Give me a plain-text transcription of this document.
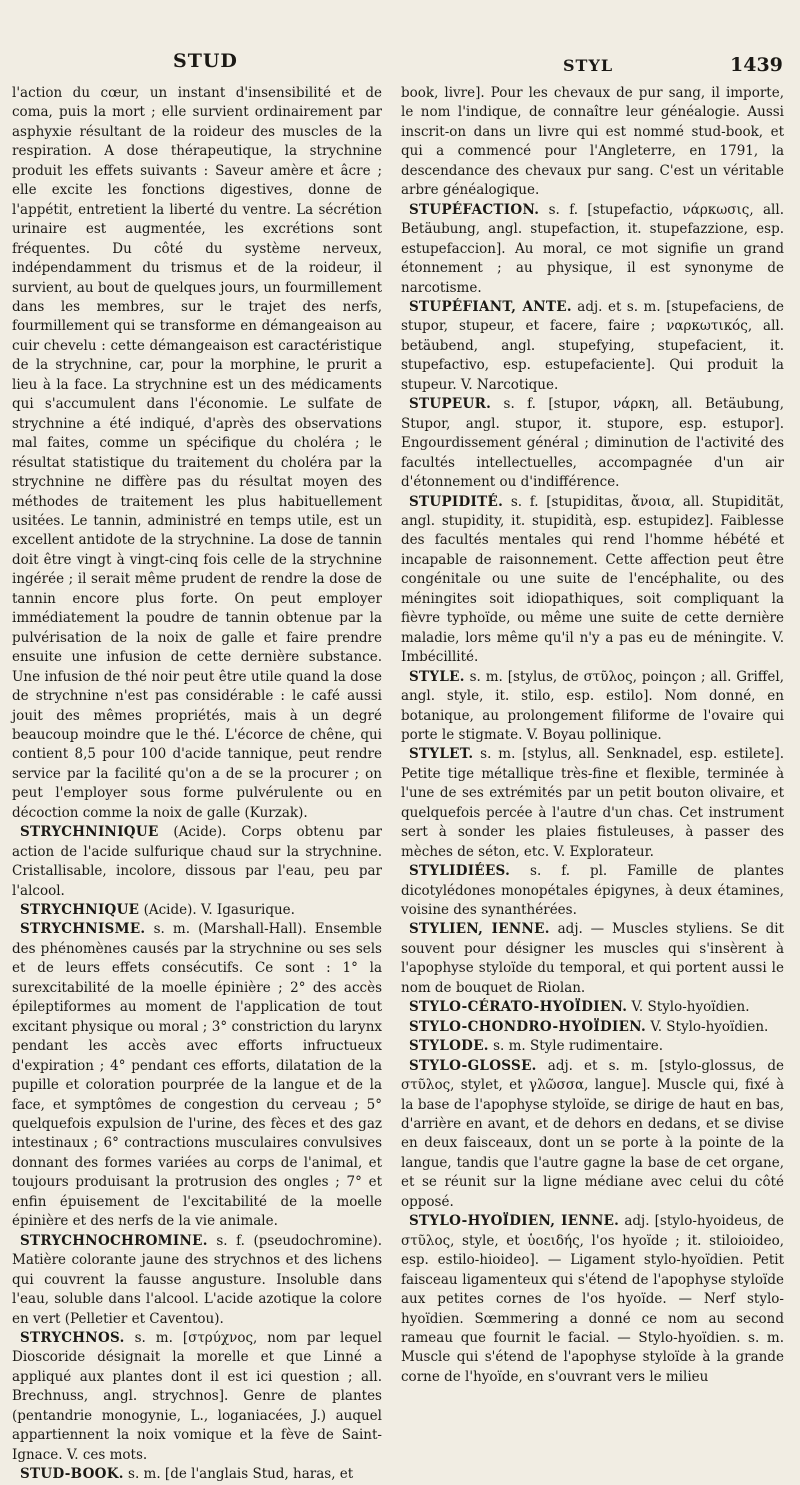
STUD	STYL	1439

l'action du cœur, un instant d'insensibilité et de coma, puis la mort ; elle survient ordinairement par asphyxie résultant de la roideur des muscles de la respiration. A dose thérapeutique, la strychnine produit les effets suivants : Saveur amère et âcre ; elle excite les fonctions digestives, donne de l'appétit, entretient la liberté du ventre. La sécrétion urinaire est augmentée, les excrétions sont fréquentes. Du côté du système nerveux, indépendamment du trismus et de la roideur, il survient, au bout de quelques jours, un fourmillement dans les membres, sur le trajet des nerfs, fourmillement qui se transforme en démangeaison au cuir chevelu : cette démangeaison est caractéristique de la strychnine, car, pour la morphine, le prurit a lieu à la face. La strychnine est un des médicaments qui s'accumulent dans l'économie. Le sulfate de strychnine a été indiqué, d'après des observations mal faites, comme un spécifique du choléra ; le résultat statistique du traitement du choléra par la strychnine ne diffère pas du résultat moyen des méthodes de traitement les plus habituellement usitées. Le tannin, administré en temps utile, est un excellent antidote de la strychnine. La dose de tannin doit être vingt à vingt-cinq fois celle de la strychnine ingérée ; il serait même prudent de rendre la dose de tannin encore plus forte. On peut employer immédiatement la poudre de tannin obtenue par la pulvérisation de la noix de galle et faire prendre ensuite une infusion de cette dernière substance. Une infusion de thé noir peut être utile quand la dose de strychnine n'est pas considérable : le café aussi jouit des mêmes propriétés, mais à un degré beaucoup moindre que le thé. L'écorce de chêne, qui contient 8,5 pour 100 d'acide tannique, peut rendre service par la facilité qu'on a de se la procurer ; on peut l'employer sous forme pulvérulente ou en décoction comme la noix de galle (Kurzak).

STRYCHNINIQUE (Acide). Corps obtenu par action de l'acide sulfurique chaud sur la strychnine. Cristallisable, incolore, dissous par l'eau, peu par l'alcool.

STRYCHNIQUE (Acide). V. Igasurique.

STRYCHNISME. s. m. (Marshall-Hall). Ensemble des phénomènes causés par la strychnine ou ses sels et de leurs effets consécutifs. Ce sont : 1° la surexcitabilité de la moelle épinière ; 2° des accès épileptiformes au moment de l'application de tout excitant physique ou moral ; 3° constriction du larynx pendant les accès avec efforts infructueux d'expiration ; 4° pendant ces efforts, dilatation de la pupille et coloration pourprée de la langue et de la face, et symptômes de congestion du cerveau ; 5° quelquefois expulsion de l'urine, des fèces et des gaz intestinaux ; 6° contractions musculaires convulsives donnant des formes variées au corps de l'animal, et toujours produisant la protrusion des ongles ; 7° et enfin épuisement de l'excitabilité de la moelle épinière et des nerfs de la vie animale.

STRYCHNOCHROMINE. s. f. (pseudochromine). Matière colorante jaune des strychnos et des lichens qui couvrent la fausse angusture. Insoluble dans l'eau, soluble dans l'alcool. L'acide azotique la colore en vert (Pelletier et Caventou).

STRYCHNOS. s. m. [στρύχνος, nom par lequel Dioscoride désignait la morelle et que Linné a appliqué aux plantes dont il est ici question ; all. Brechnuss, angl. strychnos]. Genre de plantes (pentandrie monogynie, L., loganiacées, J.) auquel appartiennent la noix vomique et la fève de Saint-Ignace. V. ces mots.

STUD-BOOK. s. m. [de l'anglais Stud, haras, et

book, livre]. Pour les chevaux de pur sang, il importe, le nom l'indique, de connaître leur généalogie. Aussi inscrit-on dans un livre qui est nommé stud-book, et qui a commencé pour l'Angleterre, en 1791, la descendance des chevaux pur sang. C'est un véritable arbre généalogique.

STUPÉFACTION. s. f. [stupefactio, νάρκωσις, all. Betäubung, angl. stupefaction, it. stupefazzione, esp. estupefaccion]. Au moral, ce mot signifie un grand étonnement ; au physique, il est synonyme de narcotisme.

STUPÉFIANT, ANTE. adj. et s. m. [stupefaciens, de stupor, stupeur, et facere, faire ; ναρκωτικός, all. betäubend, angl. stupefying, stupefacient, it. stupefactivo, esp. estupefaciente]. Qui produit la stupeur. V. Narcotique.

STUPEUR. s. f. [stupor, νάρκη, all. Betäubung, Stupor, angl. stupor, it. stupore, esp. estupor]. Engourdissement général ; diminution de l'activité des facultés intellectuelles, accompagnée d'un air d'étonnement ou d'indifférence.

STUPIDITÉ. s. f. [stupiditas, ἄνοια, all. Stupidität, angl. stupidity, it. stupidità, esp. estupidez]. Faiblesse des facultés mentales qui rend l'homme hébété et incapable de raisonnement. Cette affection peut être congénitale ou une suite de l'encéphalite, ou des méningites soit idiopathiques, soit compliquant la fièvre typhoïde, ou même une suite de cette dernière maladie, lors même qu'il n'y a pas eu de méningite. V. Imbécillité.

STYLE. s. m. [stylus, de στῦλος, poinçon ; all. Griffel, angl. style, it. stilo, esp. estilo]. Nom donné, en botanique, au prolongement filiforme de l'ovaire qui porte le stigmate. V. Boyau pollinique.

STYLET. s. m. [stylus, all. Senknadel, esp. estilete]. Petite tige métallique très-fine et flexible, terminée à l'une de ses extrémités par un petit bouton olivaire, et quelquefois percée à l'autre d'un chas. Cet instrument sert à sonder les plaies fistuleuses, à passer des mèches de séton, etc. V. Explorateur.

STYLIDIÉES. s. f. pl. Famille de plantes dicotylédones monopétales épigynes, à deux étamines, voisine des synanthérées.

STYLIEN, IENNE. adj. — Muscles styliens. Se dit souvent pour désigner les muscles qui s'insèrent à l'apophyse styloïde du temporal, et qui portent aussi le nom de bouquet de Riolan.

STYLO-CÉRATO-HYOÏDIEN. V. Stylo-hyoïdien.

STYLO-CHONDRO-HYOÏDIEN. V. Stylo-hyoïdien.

STYLODE. s. m. Style rudimentaire.

STYLO-GLOSSE. adj. et s. m. [stylo-glossus, de στῦλος, stylet, et γλῶσσα, langue]. Muscle qui, fixé à la base de l'apophyse styloïde, se dirige de haut en bas, d'arrière en avant, et de dehors en dedans, et se divise en deux faisceaux, dont un se porte à la pointe de la langue, tandis que l'autre gagne la base de cet organe, et se réunit sur la ligne médiane avec celui du côté opposé.

STYLO-HYOÏDIEN, IENNE. adj. [stylo-hyoideus, de στῦλος, style, et ὑοειδής, l'os hyoïde ; it. stiloioideo, esp. estilo-hioideo]. — Ligament stylo-hyoïdien. Petit faisceau ligamenteux qui s'étend de l'apophyse styloïde aux petites cornes de l'os hyoïde. — Nerf stylo-hyoïdien. Sœmmering a donné ce nom au second rameau que fournit le facial. — Stylo-hyoïdien. s. m. Muscle qui s'étend de l'apophyse styloïde à la grande corne de l'hyoïde, en s'ouvrant vers le milieu
